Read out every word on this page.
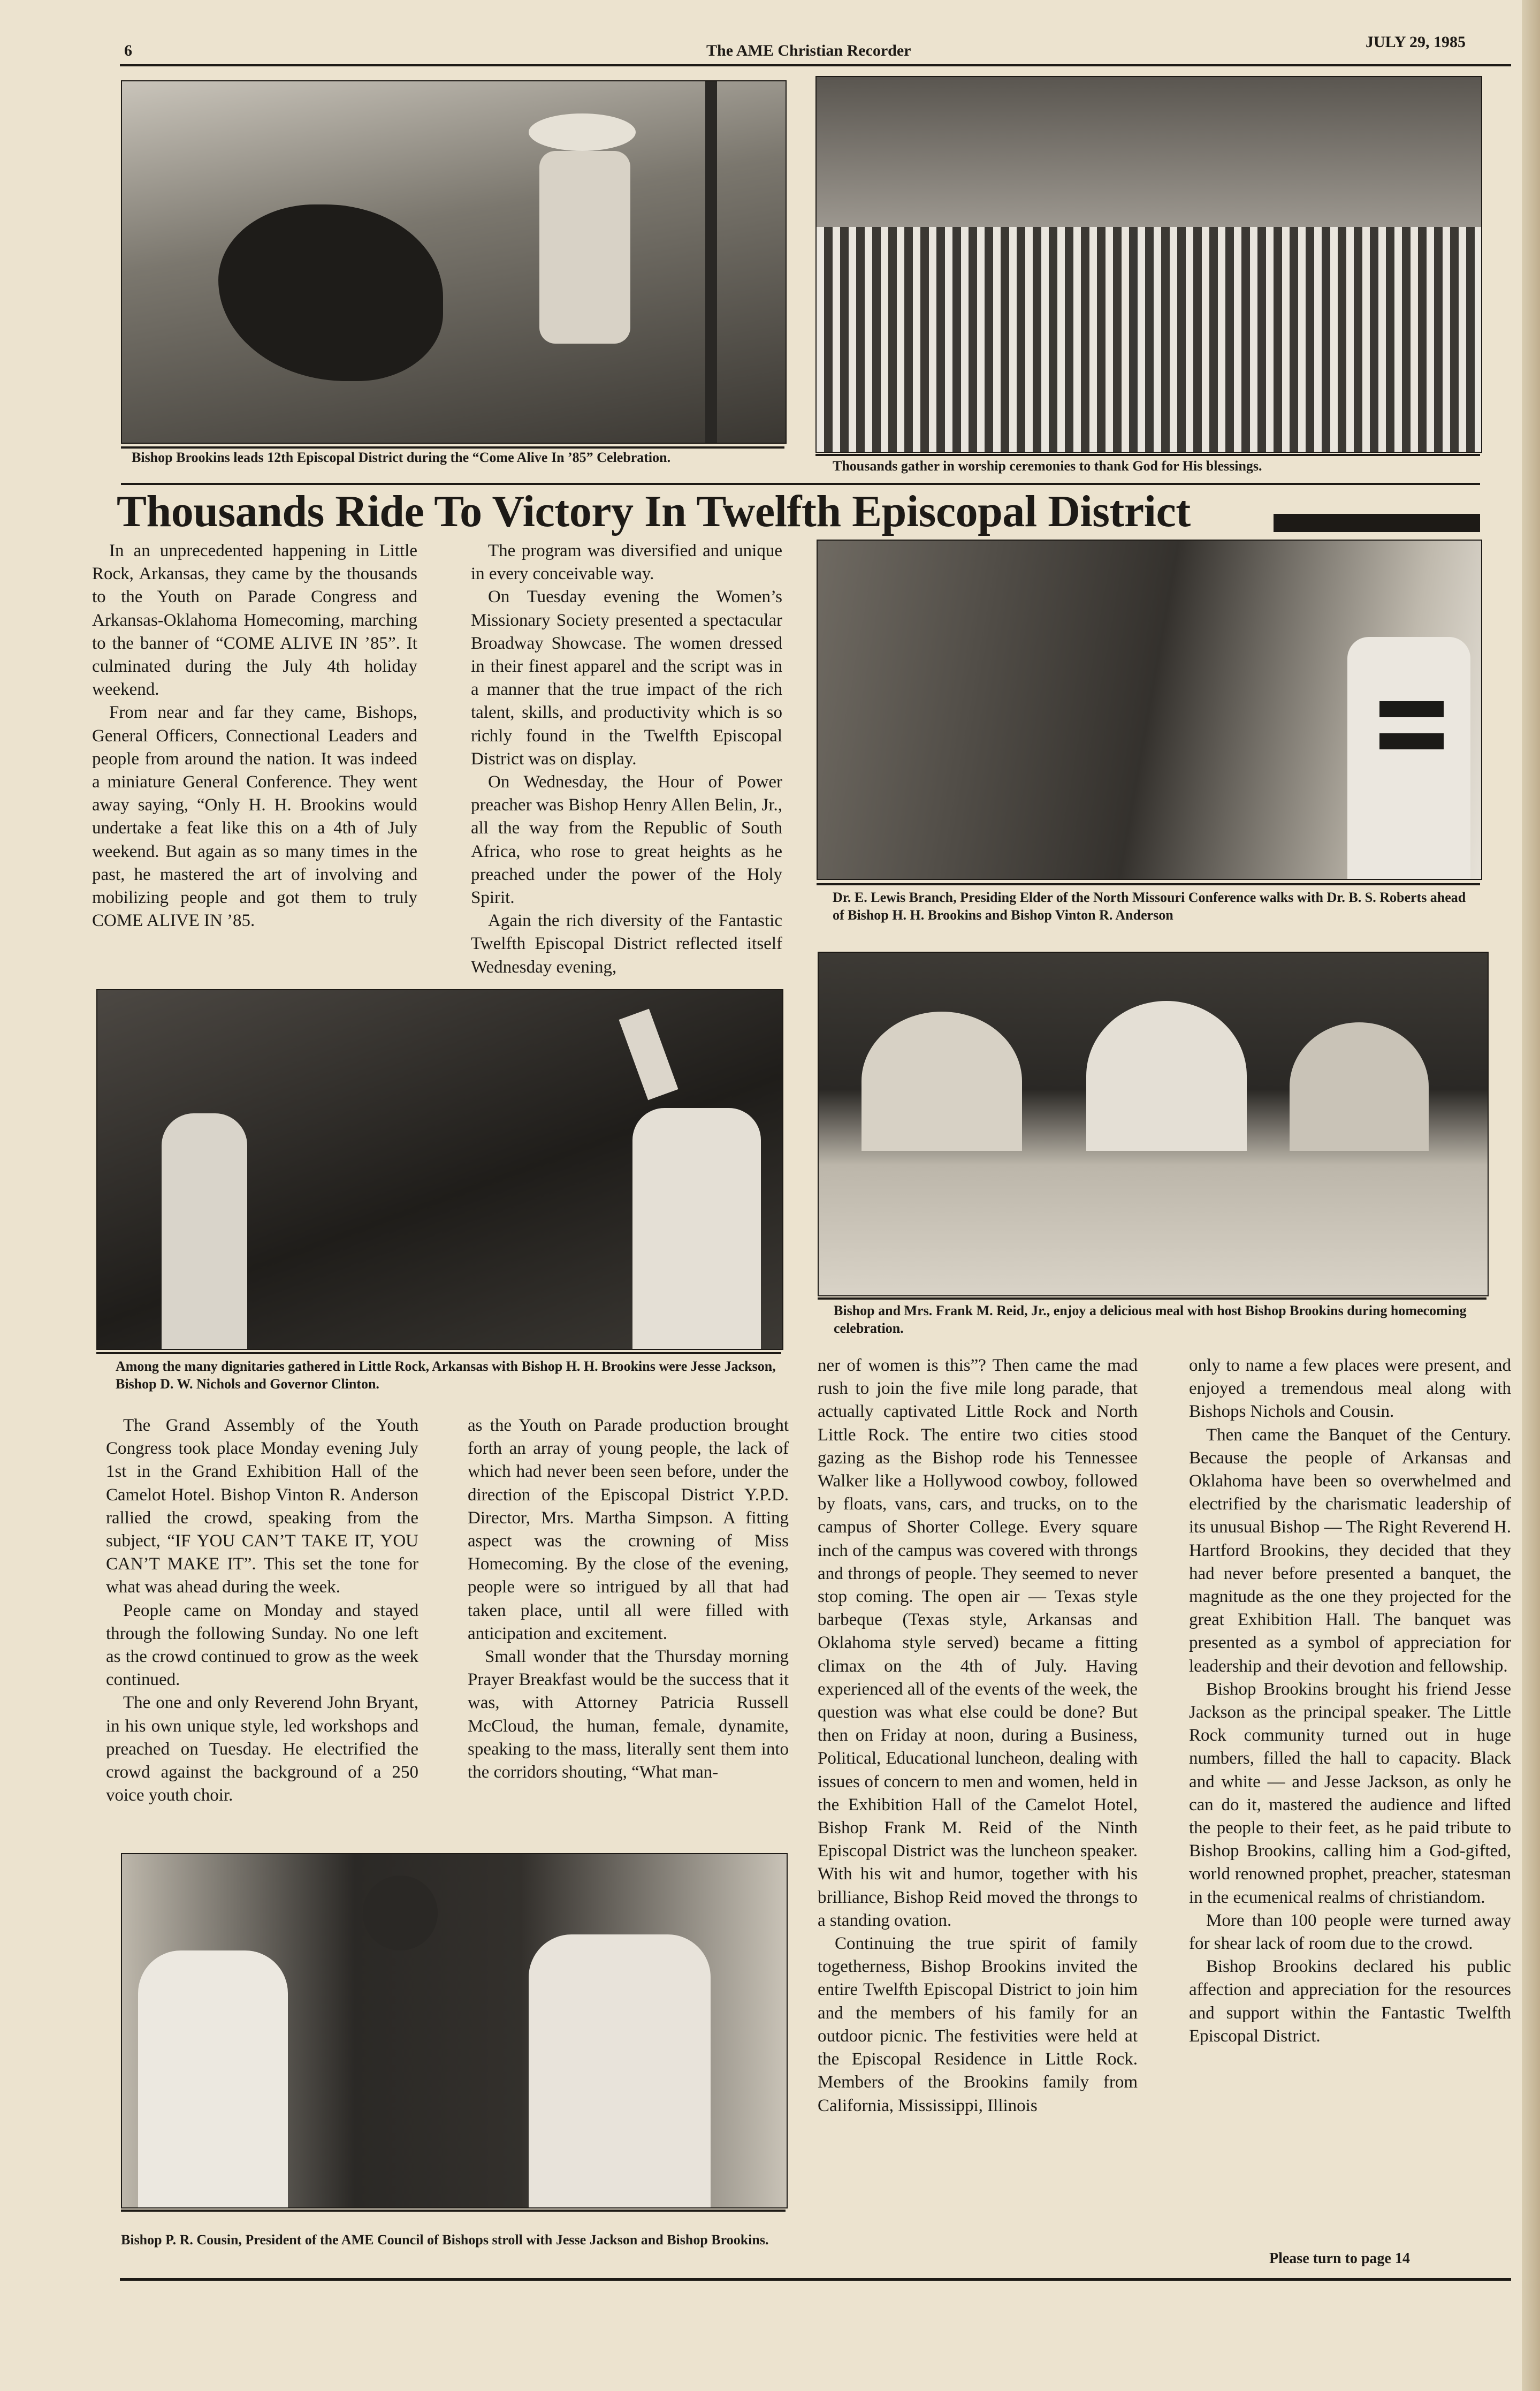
6	The AME Christian Recorder	JULY 29, 1985
Bishop Brookins leads 12th Episcopal District during the “Come Alive In ’85” Celebration.
Thousands gather in worship ceremonies to thank God for His blessings.
Thousands Ride To Victory In Twelfth Episcopal District

In an unprecedented happening in Little Rock, Arkansas, they came by the thousands to the Youth on Parade Congress and Arkansas-Oklahoma Homecoming, marching to the banner of “COME ALIVE IN ’85”. It culminated during the July 4th holiday weekend.

From near and far they came, Bishops, General Officers, Connectional Leaders and people from around the nation. It was indeed a miniature General Conference. They went away saying, “Only H. H. Brookins would undertake a feat like this on a 4th of July weekend. But again as so many times in the past, he mastered the art of involving and mobilizing people and got them to truly COME ALIVE IN ’85.

The program was diversified and unique in every conceivable way.

On Tuesday evening the Women’s Missionary Society presented a spectacular Broadway Showcase. The women dressed in their finest apparel and the script was in a manner that the true impact of the rich talent, skills, and productivity which is so richly found in the Twelfth Episcopal District was on display.

On Wednesday, the Hour of Power preacher was Bishop Henry Allen Belin, Jr., all the way from the Republic of South Africa, who rose to great heights as he preached under the power of the Holy Spirit.

Again the rich diversity of the Fantastic Twelfth Episcopal District reflected itself Wednesday evening,

Dr. E. Lewis Branch, Presiding Elder of the North Missouri Conference walks with Dr. B. S. Roberts ahead of Bishop H. H. Brookins and Bishop Vinton R. Anderson
Among the many dignitaries gathered in Little Rock, Arkansas with Bishop H. H. Brookins were Jesse Jackson, Bishop D. W. Nichols and Governor Clinton.
Bishop and Mrs. Frank M. Reid, Jr., enjoy a delicious meal with host Bishop Brookins during homecoming celebration.

The Grand Assembly of the Youth Congress took place Monday evening July 1st in the Grand Exhibition Hall of the Camelot Hotel. Bishop Vinton R. Anderson rallied the crowd, speaking from the subject, “IF YOU CAN’T TAKE IT, YOU CAN’T MAKE IT”. This set the tone for what was ahead during the week.

People came on Monday and stayed through the following Sunday. No one left as the crowd continued to grow as the week continued.

The one and only Reverend John Bryant, in his own unique style, led workshops and preached on Tuesday. He electrified the crowd against the background of a 250 voice youth choir.

as the Youth on Parade production brought forth an array of young people, the lack of which had never been seen before, under the direction of the Episcopal District Y.P.D. Director, Mrs. Martha Simpson. A fitting aspect was the crowning of Miss Homecoming. By the close of the evening, people were so intrigued by all that had taken place, until all were filled with anticipation and excitement.

Small wonder that the Thursday morning Prayer Breakfast would be the success that it was, with Attorney Patricia Russell McCloud, the human, female, dynamite, speaking to the mass, literally sent them into the corridors shouting, “What man-

ner of women is this”? Then came the mad rush to join the five mile long parade, that actually captivated Little Rock and North Little Rock. The entire two cities stood gazing as the Bishop rode his Tennessee Walker like a Hollywood cowboy, followed by floats, vans, cars, and trucks, on to the campus of Shorter College. Every square inch of the campus was covered with throngs and throngs of people. They seemed to never stop coming. The open air — Texas style barbeque (Texas style, Arkansas and Oklahoma style served) became a fitting climax on the 4th of July. Having experienced all of the events of the week, the question was what else could be done? But then on Friday at noon, during a Business, Political, Educational luncheon, dealing with issues of concern to men and women, held in the Exhibition Hall of the Camelot Hotel, Bishop Frank M. Reid of the Ninth Episcopal District was the luncheon speaker. With his wit and humor, together with his brilliance, Bishop Reid moved the throngs to a standing ovation.

Continuing the true spirit of family togetherness, Bishop Brookins invited the entire Twelfth Episcopal District to join him and the members of his family for an outdoor picnic. The festivities were held at the Episcopal Residence in Little Rock. Members of the Brookins family from California, Mississippi, Illinois

only to name a few places were present, and enjoyed a tremendous meal along with Bishops Nichols and Cousin.

Then came the Banquet of the Century. Because the people of Arkansas and Oklahoma have been so overwhelmed and electrified by the charismatic leadership of its unusual Bishop — The Right Reverend H. Hartford Brookins, they decided that they had never before presented a banquet, the magnitude as the one they projected for the great Exhibition Hall. The banquet was presented as a symbol of appreciation for leadership and their devotion and fellowship.

Bishop Brookins brought his friend Jesse Jackson as the principal speaker. The Little Rock community turned out in huge numbers, filled the hall to capacity. Black and white — and Jesse Jackson, as only he can do it, mastered the audience and lifted the people to their feet, as he paid tribute to Bishop Brookins, calling him a God-gifted, world renowned prophet, preacher, statesman in the ecumenical realms of christiandom.

More than 100 people were turned away for shear lack of room due to the crowd.

Bishop Brookins declared his public affection and appreciation for the resources and support within the Fantastic Twelfth Episcopal District.

Please turn to page 14
Bishop P. R. Cousin, President of the AME Council of Bishops stroll with Jesse Jackson and Bishop Brookins.
